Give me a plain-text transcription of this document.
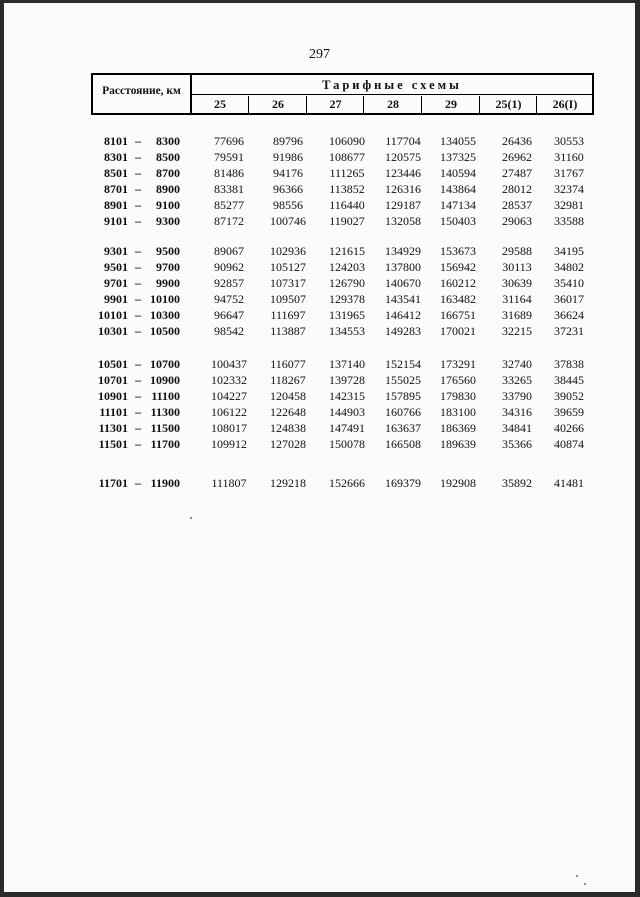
297
Расстояние, км	Тарифные схемы
25	26	27	28	29	25(1)	26(I)
8101 –	8300	77696	89796	106090	117704	134055	26436	30553
8301 –	8500	79591	91986	108677	120575	137325	26962	31160
8501 –	8700	81486	94176	111265	123446	140594	27487	31767
8701 –	8900	83381	96366	113852	126316	143864	28012	32374
8901 –	9100	85277	98556	116440	129187	147134	28537	32981
9101 –	9300	87172	100746	119027	132058	150403	29063	33588
9301 –	9500	89067	102936	121615	134929	153673	29588	34195
9501 –	9700	90962	105127	124203	137800	156942	30113	34802
9701 –	9900	92857	107317	126790	140670	160212	30639	35410
9901 – 10100	94752	109507	129378	143541	163482	31164	36017
10101 – 10300	96647	111697	131965	146412	166751	31689	36624
10301 – 10500	98542	113887	134553	149283	170021	32215	37231
10501 – 10700	100437	116077	137140	152154	173291	32740	37838
10701 – 10900	102332	118267	139728	155025	176560	33265	38445
10901 – 11100	104227	120458	142315	157895	179830	33790	39052
11101 – 11300	106122	122648	144903	160766	183100	34316	39659
11301 – 11500	108017	124838	147491	163637	186369	34841	40266
11501 – 11700	109912	127028	150078	166508	189639	35366	40874
11701 – 11900	111807	129218	152666	169379	192908	35892	41481
